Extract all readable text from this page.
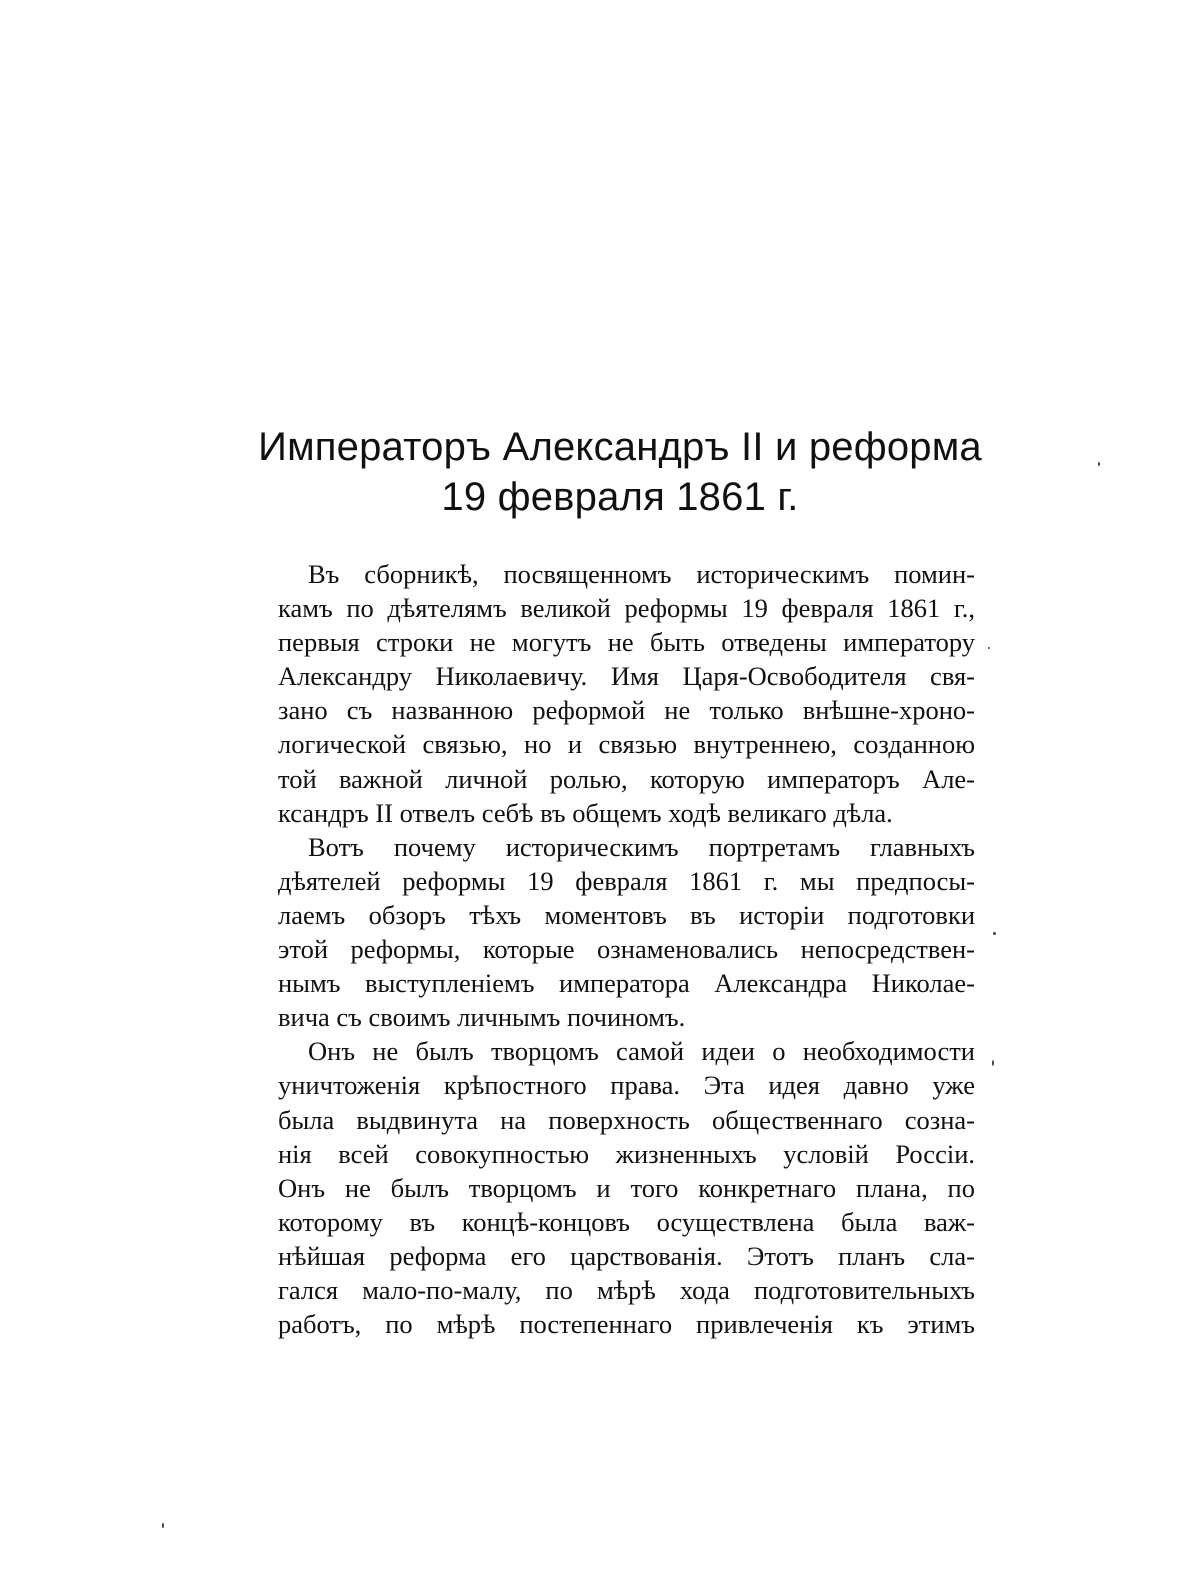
Императоръ Александръ II и реформа
19 февраля 1861 г.
Въ сборникѣ, посвященномъ историческимъ помин-
камъ по дѣятелямъ великой реформы 19 февраля 1861 г.,
первыя строки не могутъ не быть отведены императору
Александру Николаевичу. Имя Царя-Освободителя свя-
зано съ названною реформой не только внѣшне-хроно-
логической связью, но и связью внутреннею, созданною
той важной личной ролью, которую императоръ Але-
ксандръ II отвелъ себѣ въ общемъ ходѣ великаго дѣла.
Вотъ почему историческимъ портретамъ главныхъ
дѣятелей реформы 19 февраля 1861 г. мы предпосы-
лаемъ обзоръ тѣхъ моментовъ въ исторіи подготовки
этой реформы, которые ознаменовались непосредствен-
нымъ выступленіемъ императора Александра Николае-
вича съ своимъ личнымъ починомъ.
Онъ не былъ творцомъ самой идеи о необходимости
уничтоженія крѣпостного права. Эта идея давно уже
была выдвинута на поверхность общественнаго созна-
нія всей совокупностью жизненныхъ условій Россіи.
Онъ не былъ творцомъ и того конкретнаго плана, по
которому въ концѣ-концовъ осуществлена была важ-
нѣйшая реформа его царствованія. Этотъ планъ сла-
гался мало-по-малу, по мѣрѣ хода подготовительныхъ
работъ, по мѣрѣ постепеннаго привлеченія къ этимъ
